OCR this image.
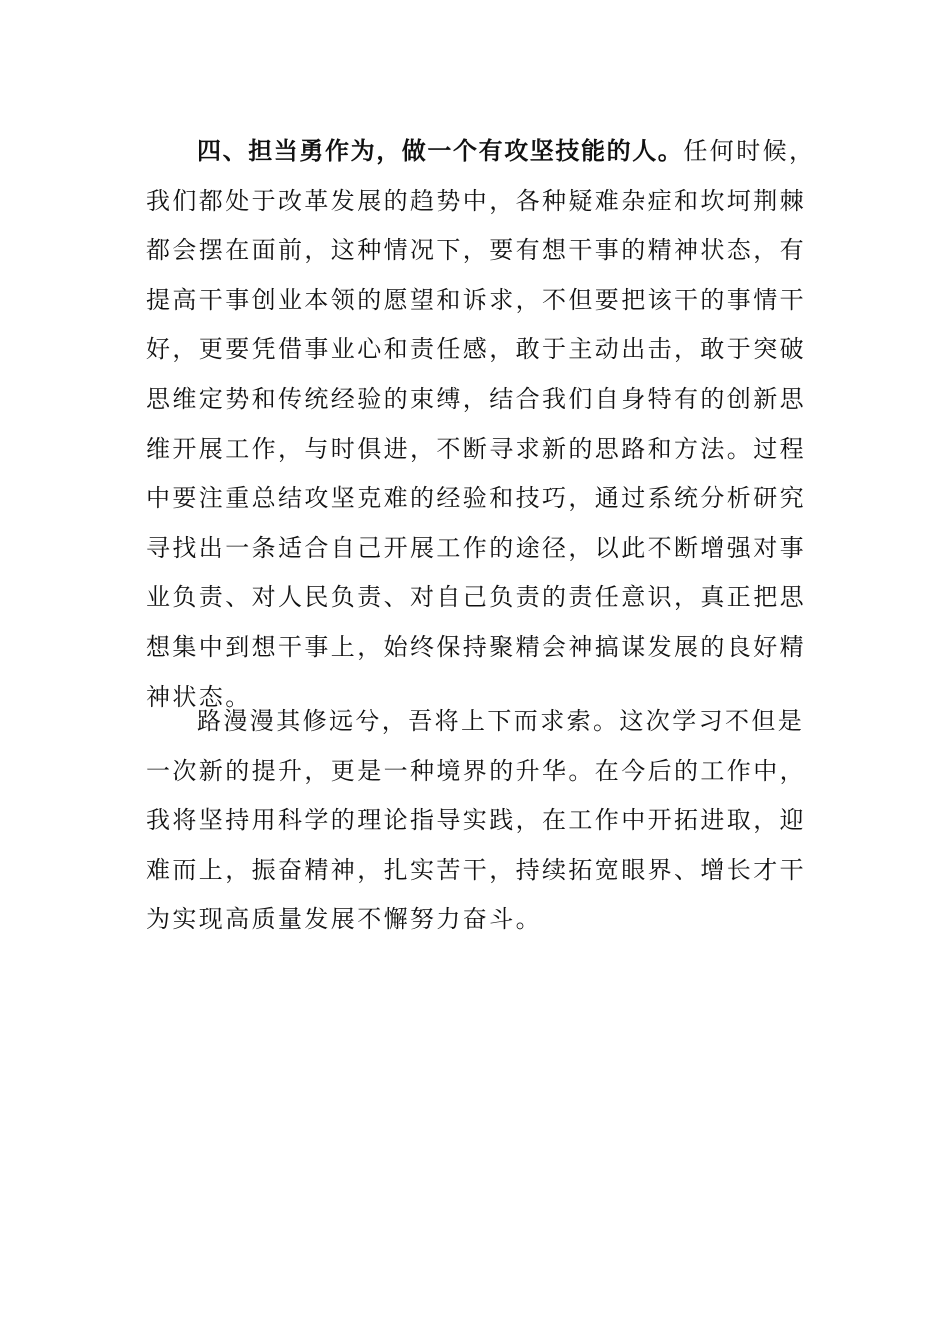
四、担当勇作为，做一个有攻坚技能的人。任何时候，
我们都处于改革发展的趋势中，各种疑难杂症和坎坷荆棘
都会摆在面前，这种情况下，要有想干事的精神状态，有
提高干事创业本领的愿望和诉求，不但要把该干的事情干
好，更要凭借事业心和责任感，敢于主动出击，敢于突破
思维定势和传统经验的束缚，结合我们自身特有的创新思
维开展工作，与时俱进，不断寻求新的思路和方法。过程
中要注重总结攻坚克难的经验和技巧，通过系统分析研究
寻找出一条适合自己开展工作的途径，以此不断增强对事
业负责、对人民负责、对自己负责的责任意识，真正把思
想集中到想干事上，始终保持聚精会神搞谋发展的良好精
神状态。
路漫漫其修远兮，吾将上下而求索。这次学习不但是
一次新的提升，更是一种境界的升华。在今后的工作中，
我将坚持用科学的理论指导实践，在工作中开拓进取，迎
难而上，振奋精神，扎实苦干，持续拓宽眼界、增长才干
为实现高质量发展不懈努力奋斗。
